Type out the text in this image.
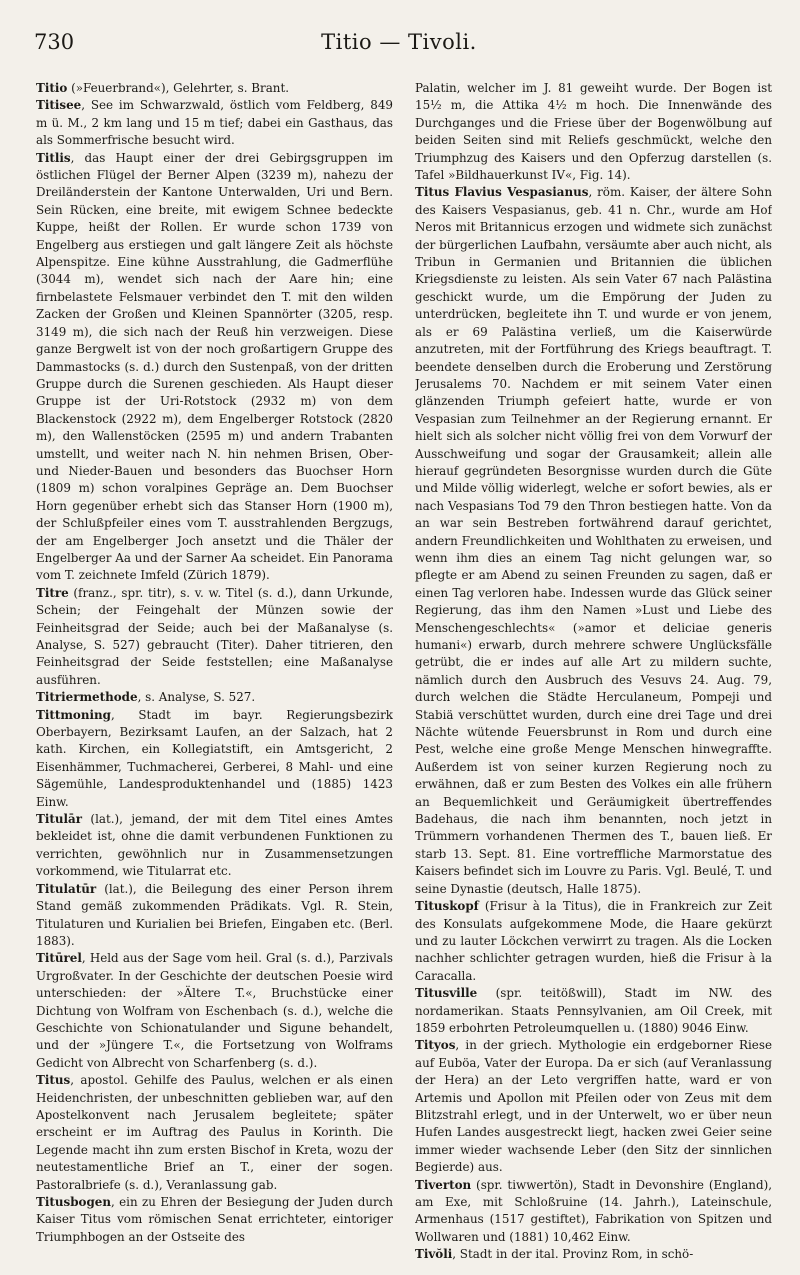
730	Titio — Tivoli.

Titio (»Feuerbrand«), Gelehrter, s. Brant.

Titisee, See im Schwarzwald, östlich vom Feldberg, 849 m ü. M., 2 km lang und 15 m tief; dabei ein Gasthaus, das als Sommerfrische besucht wird.

Titlis, das Haupt einer der drei Gebirgsgruppen im östlichen Flügel der Berner Alpen (3239 m), nahezu der Dreiländerstein der Kantone Unterwalden, Uri und Bern. Sein Rücken, eine breite, mit ewigem Schnee bedeckte Kuppe, heißt der Rollen. Er wurde schon 1739 von Engelberg aus erstiegen und galt längere Zeit als höchste Alpenspitze. Eine kühne Ausstrahlung, die Gadmerflühe (3044 m), wendet sich nach der Aare hin; eine firnbelastete Felsmauer verbindet den T. mit den wilden Zacken der Großen und Kleinen Spannörter (3205, resp. 3149 m), die sich nach der Reuß hin verzweigen. Diese ganze Bergwelt ist von der noch großartigern Gruppe des Dammastocks (s. d.) durch den Sustenpaß, von der dritten Gruppe durch die Surenen geschieden. Als Haupt dieser Gruppe ist der Uri-Rotstock (2932 m) von dem Blackenstock (2922 m), dem Engelberger Rotstock (2820 m), den Wallenstöcken (2595 m) und andern Trabanten umstellt, und weiter nach N. hin nehmen Brisen, Ober- und Nieder-Bauen und besonders das Buochser Horn (1809 m) schon voralpines Gepräge an. Dem Buochser Horn gegenüber erhebt sich das Stanser Horn (1900 m), der Schlußpfeiler eines vom T. ausstrahlenden Bergzugs, der am Engelberger Joch ansetzt und die Thäler der Engelberger Aa und der Sarner Aa scheidet. Ein Panorama vom T. zeichnete Imfeld (Zürich 1879).

Titre (franz., spr. titr), s. v. w. Titel (s. d.), dann Urkunde, Schein; der Feingehalt der Münzen sowie der Feinheitsgrad der Seide; auch bei der Maßanalyse (s. Analyse, S. 527) gebraucht (Titer). Daher titrieren, den Feinheitsgrad der Seide feststellen; eine Maßanalyse ausführen.

Titriermethode, s. Analyse, S. 527.

Tittmoning, Stadt im bayr. Regierungsbezirk Oberbayern, Bezirksamt Laufen, an der Salzach, hat 2 kath. Kirchen, ein Kollegiatstift, ein Amtsgericht, 2 Eisenhämmer, Tuchmacherei, Gerberei, 8 Mahl- und eine Sägemühle, Landesproduktenhandel und (1885) 1423 Einw.

Titulār (lat.), jemand, der mit dem Titel eines Amtes bekleidet ist, ohne die damit verbundenen Funktionen zu verrichten, gewöhnlich nur in Zusammensetzungen vorkommend, wie Titularrat etc.

Titulatūr (lat.), die Beilegung des einer Person ihrem Stand gemäß zukommenden Prädikats. Vgl. R. Stein, Titulaturen und Kurialien bei Briefen, Eingaben etc. (Berl. 1883).

Titūrel, Held aus der Sage vom heil. Gral (s. d.), Parzivals Urgroßvater. In der Geschichte der deutschen Poesie wird unterschieden: der »Ältere T.«, Bruchstücke einer Dichtung von Wolfram von Eschenbach (s. d.), welche die Geschichte von Schionatulander und Sigune behandelt, und der »Jüngere T.«, die Fortsetzung von Wolframs Gedicht von Albrecht von Scharfenberg (s. d.).

Titus, apostol. Gehilfe des Paulus, welchen er als einen Heidenchristen, der unbeschnitten geblieben war, auf den Apostelkonvent nach Jerusalem begleitete; später erscheint er im Auftrag des Paulus in Korinth. Die Legende macht ihn zum ersten Bischof in Kreta, wozu der neutestamentliche Brief an T., einer der sogen. Pastoralbriefe (s. d.), Veranlassung gab.

Titusbogen, ein zu Ehren der Besiegung der Juden durch Kaiser Titus vom römischen Senat errichteter, eintoriger Triumphbogen an der Ostseite des

Palatin, welcher im J. 81 geweiht wurde. Der Bogen ist 15½ m, die Attika 4½ m hoch. Die Innenwände des Durchganges und die Friese über der Bogenwölbung auf beiden Seiten sind mit Reliefs geschmückt, welche den Triumphzug des Kaisers und den Opferzug darstellen (s. Tafel »Bildhauerkunst IV«, Fig. 14).

Titus Flavius Vespasianus, röm. Kaiser, der ältere Sohn des Kaisers Vespasianus, geb. 41 n. Chr., wurde am Hof Neros mit Britannicus erzogen und widmete sich zunächst der bürgerlichen Laufbahn, versäumte aber auch nicht, als Tribun in Germanien und Britannien die üblichen Kriegsdienste zu leisten. Als sein Vater 67 nach Palästina geschickt wurde, um die Empörung der Juden zu unterdrücken, begleitete ihn T. und wurde er von jenem, als er 69 Palästina verließ, um die Kaiserwürde anzutreten, mit der Fortführung des Kriegs beauftragt. T. beendete denselben durch die Eroberung und Zerstörung Jerusalems 70. Nachdem er mit seinem Vater einen glänzenden Triumph gefeiert hatte, wurde er von Vespasian zum Teilnehmer an der Regierung ernannt. Er hielt sich als solcher nicht völlig frei von dem Vorwurf der Ausschweifung und sogar der Grausamkeit; allein alle hierauf gegründeten Besorgnisse wurden durch die Güte und Milde völlig widerlegt, welche er sofort bewies, als er nach Vespasians Tod 79 den Thron bestiegen hatte. Von da an war sein Bestreben fortwährend darauf gerichtet, andern Freundlichkeiten und Wohlthaten zu erweisen, und wenn ihm dies an einem Tag nicht gelungen war, so pflegte er am Abend zu seinen Freunden zu sagen, daß er einen Tag verloren habe. Indessen wurde das Glück seiner Regierung, das ihm den Namen »Lust und Liebe des Menschengeschlechts« (»amor et deliciae generis humani«) erwarb, durch mehrere schwere Unglücksfälle getrübt, die er indes auf alle Art zu mildern suchte, nämlich durch den Ausbruch des Vesuvs 24. Aug. 79, durch welchen die Städte Herculaneum, Pompeji und Stabiä verschüttet wurden, durch eine drei Tage und drei Nächte wütende Feuersbrunst in Rom und durch eine Pest, welche eine große Menge Menschen hinwegraffte. Außerdem ist von seiner kurzen Regierung noch zu erwähnen, daß er zum Besten des Volkes ein alle frühern an Bequemlichkeit und Geräumigkeit übertreffendes Badehaus, die nach ihm benannten, noch jetzt in Trümmern vorhandenen Thermen des T., bauen ließ. Er starb 13. Sept. 81. Eine vortreffliche Marmorstatue des Kaisers befindet sich im Louvre zu Paris. Vgl. Beulé, T. und seine Dynastie (deutsch, Halle 1875).

Tituskopf (Frisur à la Titus), die in Frankreich zur Zeit des Konsulats aufgekommene Mode, die Haare gekürzt und zu lauter Löckchen verwirrt zu tragen. Als die Locken nachher schlichter getragen wurden, hieß die Frisur à la Caracalla.

Titusville (spr. teitößwill), Stadt im NW. des nordamerikan. Staats Pennsylvanien, am Oil Creek, mit 1859 erbohrten Petroleumquellen u. (1880) 9046 Einw.

Tityos, in der griech. Mythologie ein erdgeborner Riese auf Euböa, Vater der Europa. Da er sich (auf Veranlassung der Hera) an der Leto vergriffen hatte, ward er von Artemis und Apollon mit Pfeilen oder von Zeus mit dem Blitzstrahl erlegt, und in der Unterwelt, wo er über neun Hufen Landes ausgestreckt liegt, hacken zwei Geier seine immer wieder wachsende Leber (den Sitz der sinnlichen Begierde) aus.

Tiverton (spr. tiwwertön), Stadt in Devonshire (England), am Exe, mit Schloßruine (14. Jahrh.), Lateinschule, Armenhaus (1517 gestiftet), Fabrikation von Spitzen und Wollwaren und (1881) 10,462 Einw.

Tivŏli, Stadt in der ital. Provinz Rom, in schö-
